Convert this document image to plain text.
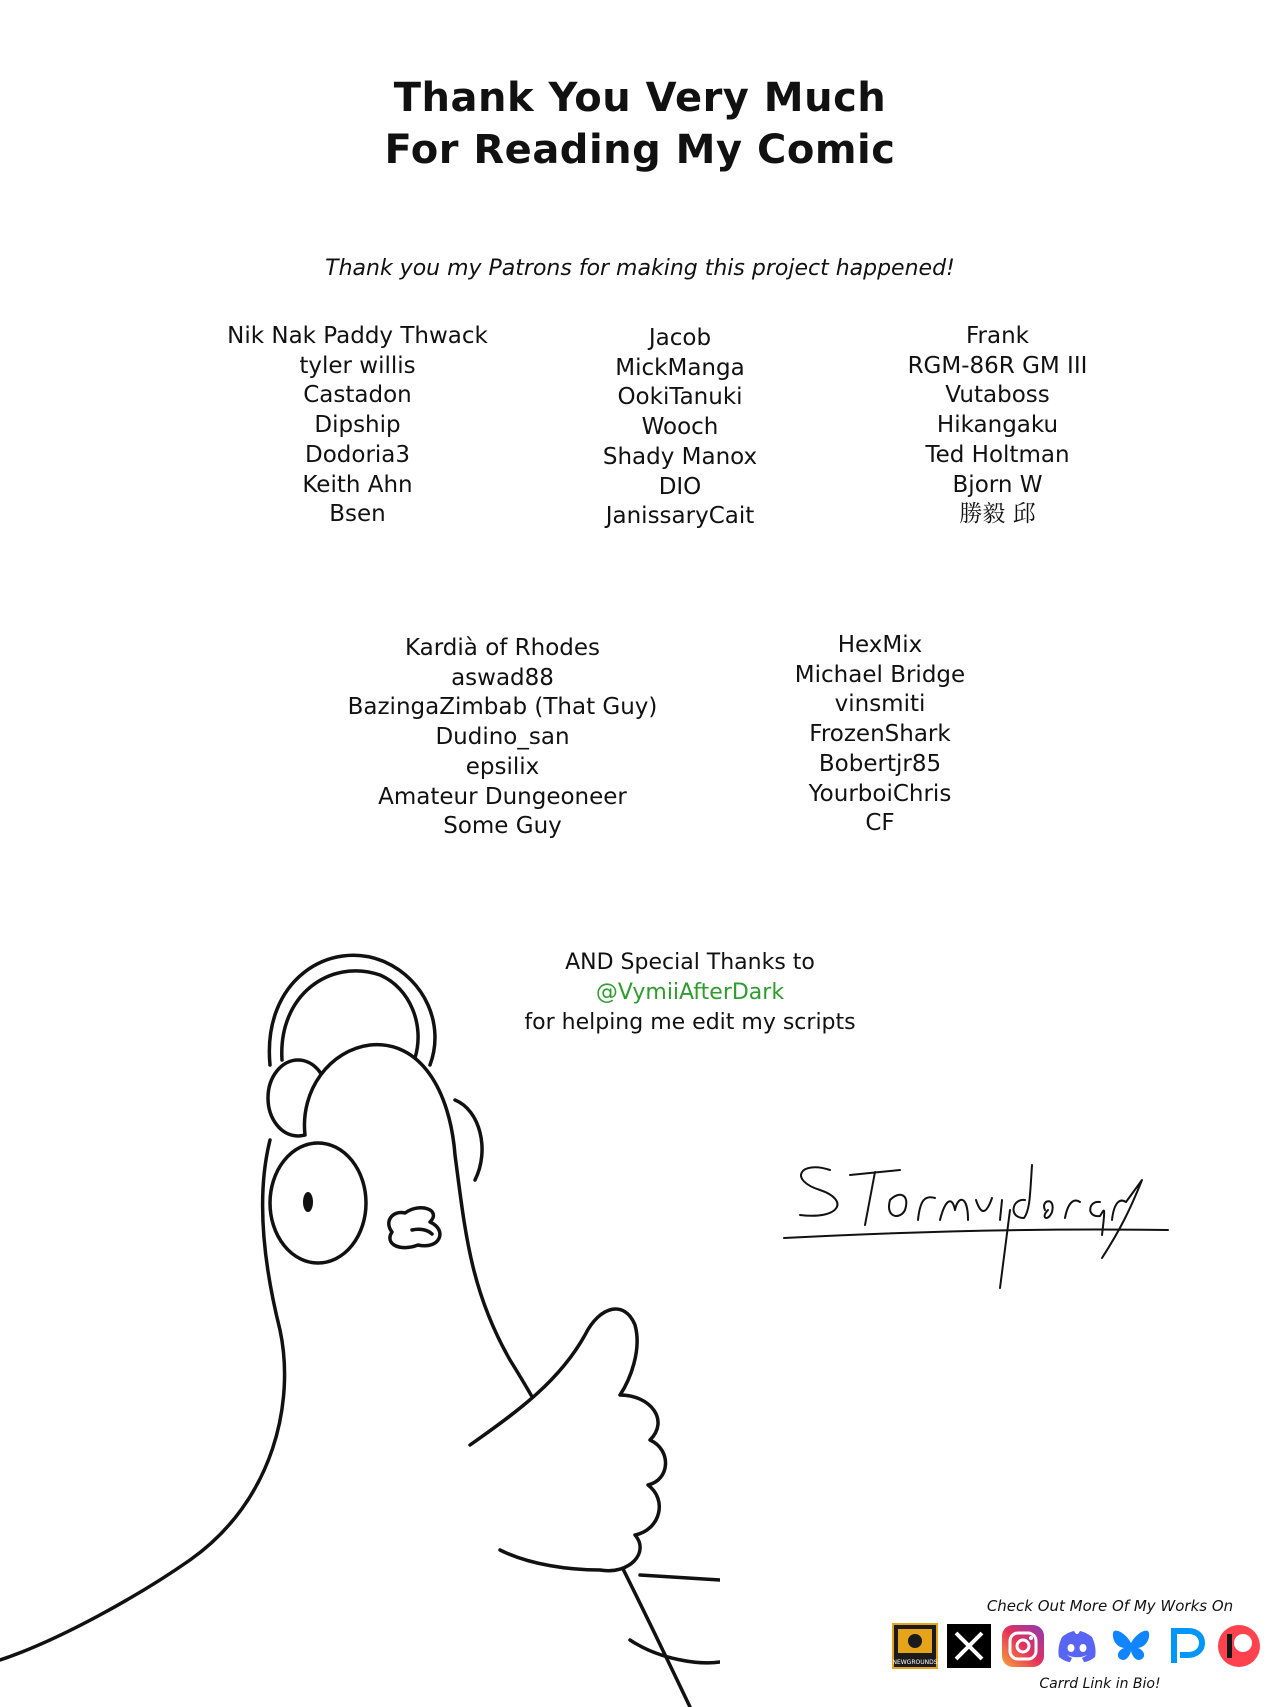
Thank You Very Much
For Reading My Comic
Thank you my Patrons for making this project happened!
Nik Nak Paddy Thwack
tyler willis
Castadon
Dipship
Dodoria3
Keith Ahn
Bsen
Jacob
MickManga
OokiTanuki
Wooch
Shady Manox
DIO
JanissaryCait
Frank
RGM-86R GM III
Vutaboss
Hikangaku
Ted Holtman
Bjorn W
勝毅 邱
Kardià of Rhodes
aswad88
BazingaZimbab (That Guy)
Dudino_san
epsilix
Amateur Dungeoneer
Some Guy
HexMix
Michael Bridge
vinsmiti
FrozenShark
Bobertjr85
YourboiChris
CF
AND Special Thanks to
@VymiiAfterDark
for helping me edit my scripts
Check Out More Of My Works On
NEWGROUNDS
Carrd Link in Bio!
